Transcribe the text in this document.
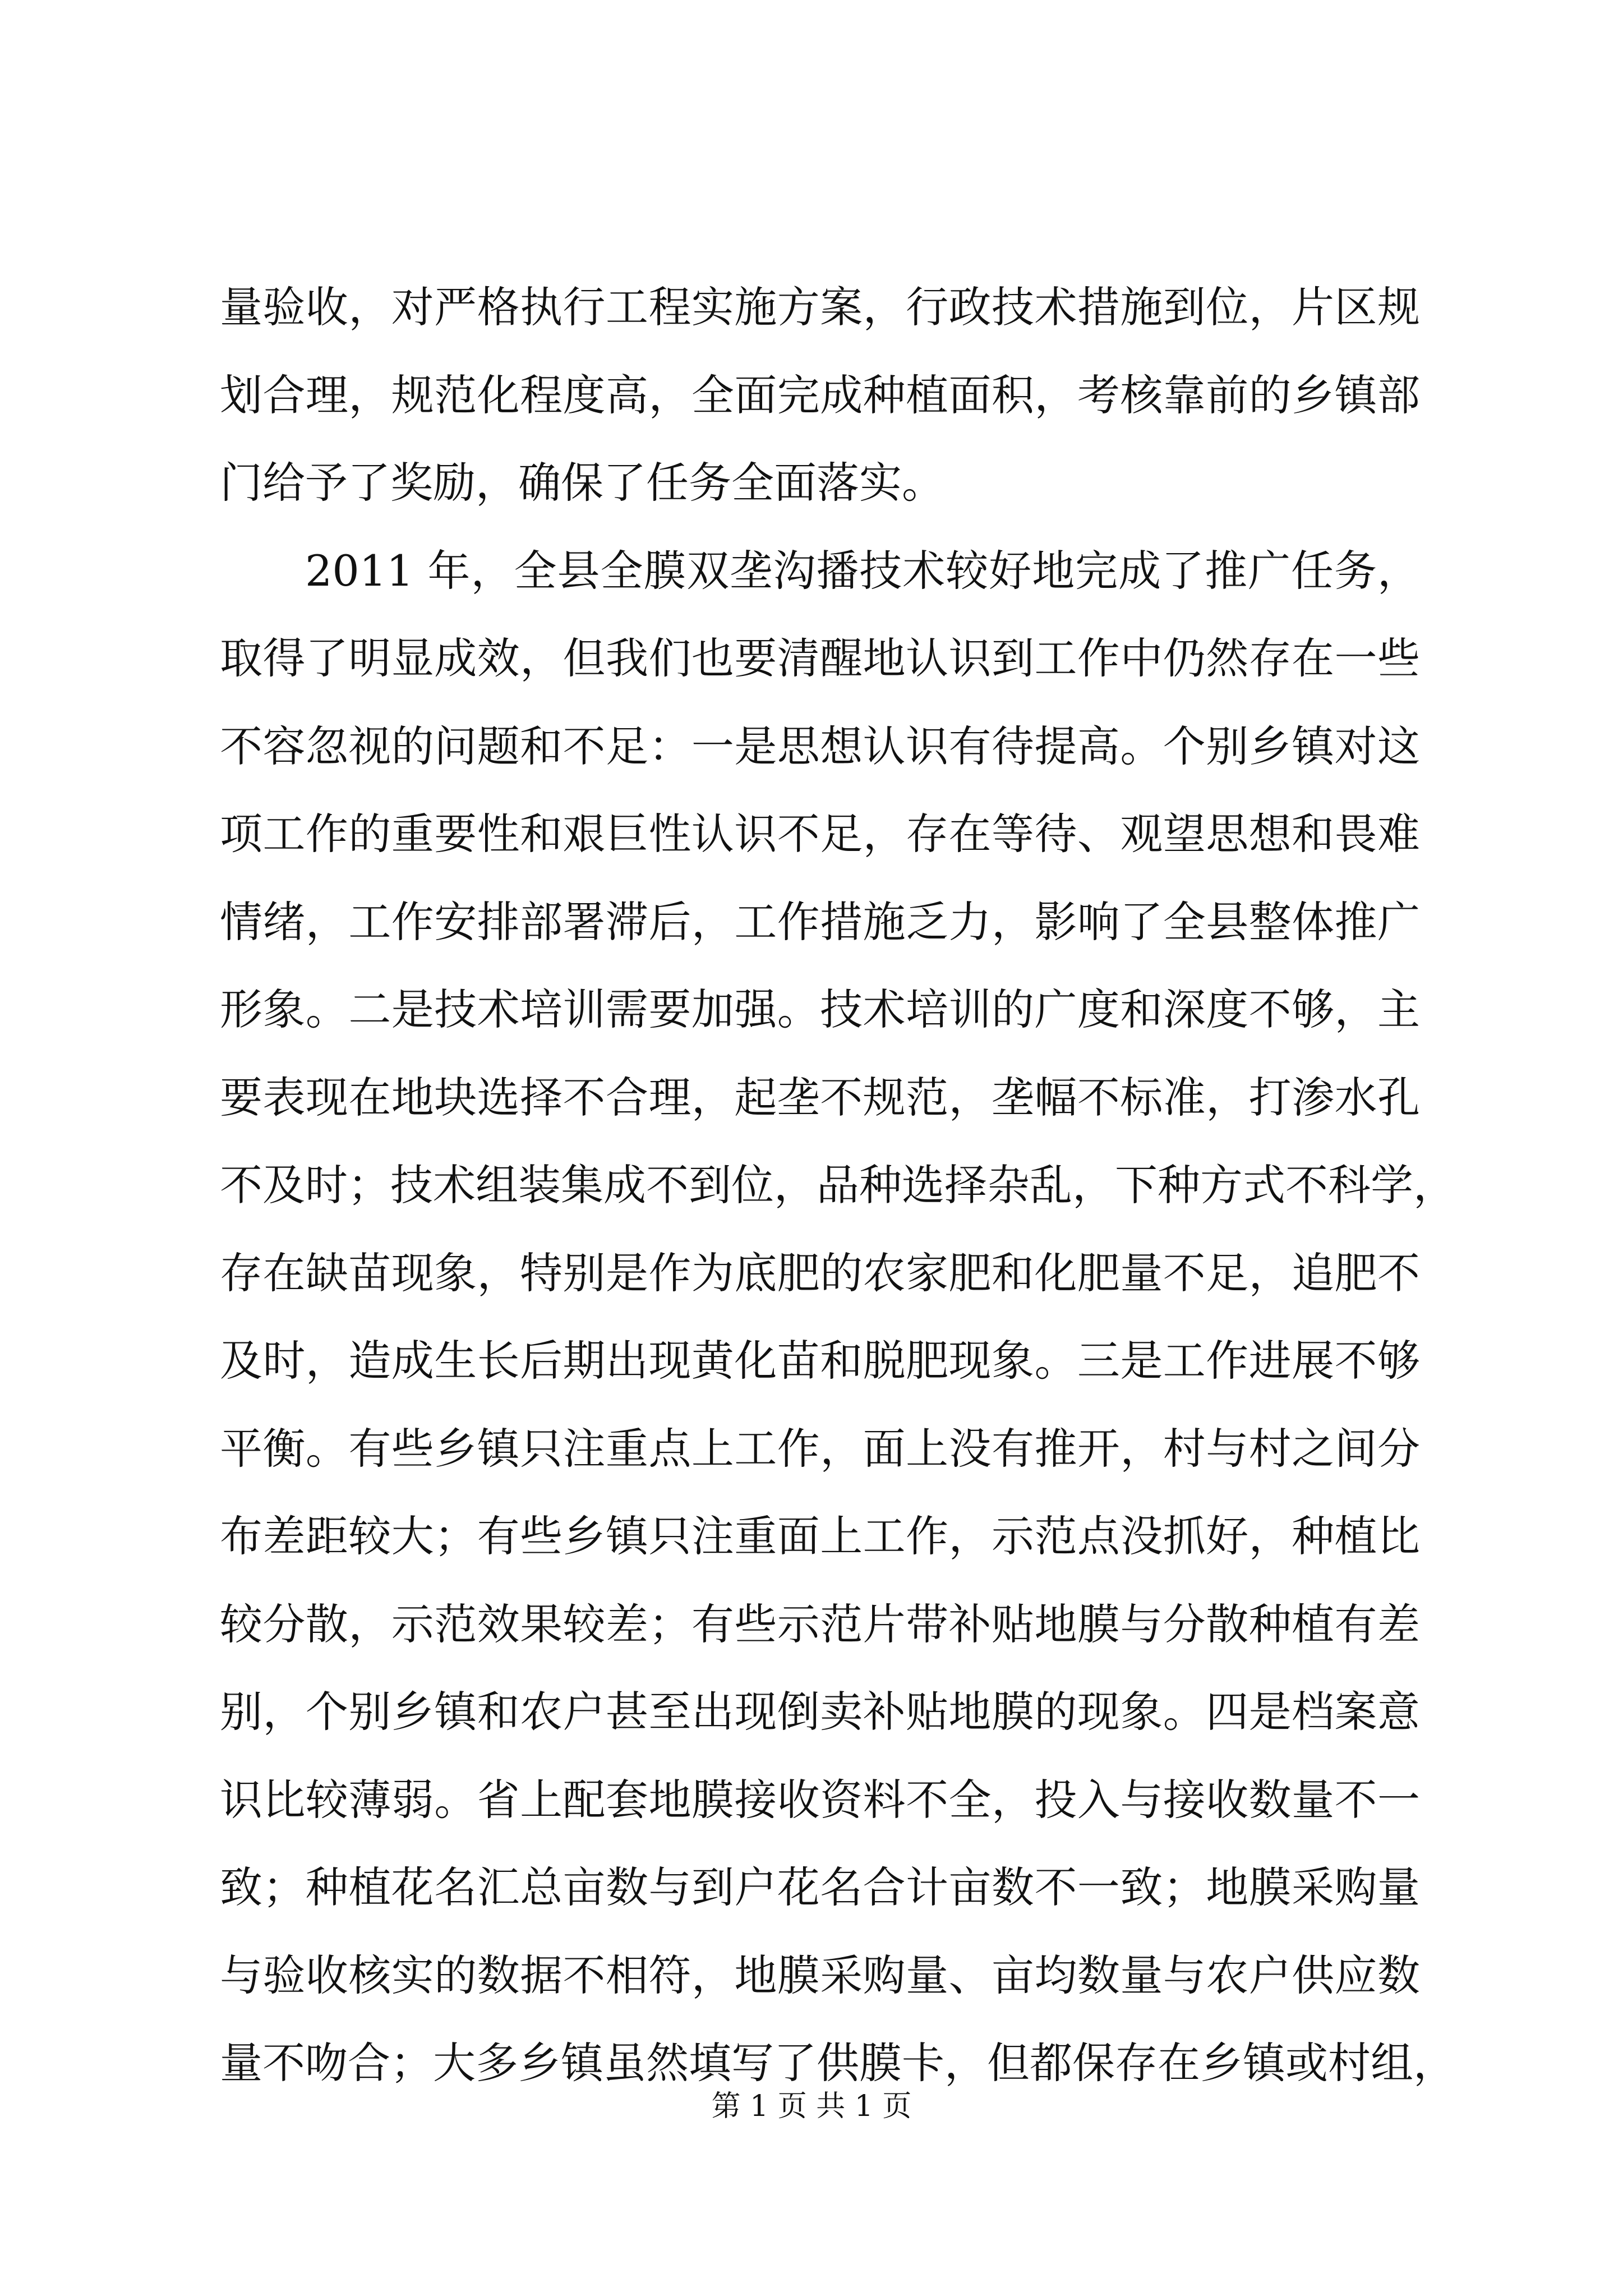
量验收，对严格执行工程实施方案，行政技术措施到位，片区规
划合理，规范化程度高，全面完成种植面积，考核靠前的乡镇部
门给予了奖励，确保了任务全面落实。
2011 年，全县全膜双垄沟播技术较好地完成了推广任务，
取得了明显成效，但我们也要清醒地认识到工作中仍然存在一些
不容忽视的问题和不足：一是思想认识有待提高。个别乡镇对这
项工作的重要性和艰巨性认识不足，存在等待、观望思想和畏难
情绪，工作安排部署滞后，工作措施乏力，影响了全县整体推广
形象。二是技术培训需要加强。技术培训的广度和深度不够，主
要表现在地块选择不合理，起垄不规范，垄幅不标准，打渗水孔
不及时；技术组装集成不到位，品种选择杂乱，下种方式不科学，
存在缺苗现象，特别是作为底肥的农家肥和化肥量不足，追肥不
及时，造成生长后期出现黄化苗和脱肥现象。三是工作进展不够
平衡。有些乡镇只注重点上工作，面上没有推开，村与村之间分
布差距较大；有些乡镇只注重面上工作，示范点没抓好，种植比
较分散，示范效果较差；有些示范片带补贴地膜与分散种植有差
别，个别乡镇和农户甚至出现倒卖补贴地膜的现象。四是档案意
识比较薄弱。省上配套地膜接收资料不全，投入与接收数量不一
致；种植花名汇总亩数与到户花名合计亩数不一致；地膜采购量
与验收核实的数据不相符，地膜采购量、亩均数量与农户供应数
量不吻合；大多乡镇虽然填写了供膜卡，但都保存在乡镇或村组，
第 1 页 共 1 页
